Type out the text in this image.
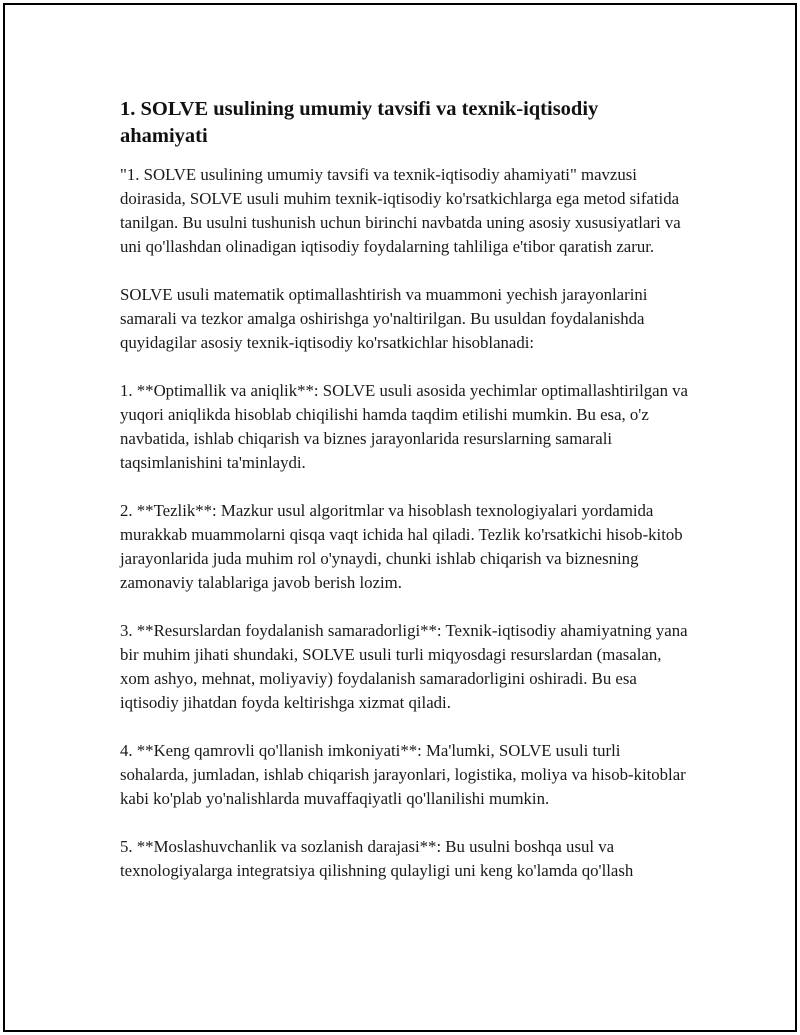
1. SOLVE usulining umumiy tavsifi va texnik-iqtisodiy ahamiyati

"1. SOLVE usulining umumiy tavsifi va texnik-iqtisodiy ahamiyati" mavzusi doirasida, SOLVE usuli muhim texnik-iqtisodiy ko'rsatkichlarga ega metod sifatida tanilgan. Bu usulni tushunish uchun birinchi navbatda uning asosiy xususiyatlari va uni qo'llashdan olinadigan iqtisodiy foydalarning tahliliga e'tibor qaratish zarur.

SOLVE usuli matematik optimallashtirish va muammoni yechish jarayonlarini samarali va tezkor amalga oshirishga yo'naltirilgan. Bu usuldan foydalanishda quyidagilar asosiy texnik-iqtisodiy ko'rsatkichlar hisoblanadi:

1. **Optimallik va aniqlik**: SOLVE usuli asosida yechimlar optimallashtirilgan va yuqori aniqlikda hisoblab chiqilishi hamda taqdim etilishi mumkin. Bu esa, o'z navbatida, ishlab chiqarish va biznes jarayonlarida resurslarning samarali taqsimlanishini ta'minlaydi.

2. **Tezlik**: Mazkur usul algoritmlar va hisoblash texnologiyalari yordamida murakkab muammolarni qisqa vaqt ichida hal qiladi. Tezlik ko'rsatkichi hisob-kitob jarayonlarida juda muhim rol o'ynaydi, chunki ishlab chiqarish va biznesning zamonaviy talablariga javob berish lozim.

3. **Resurslardan foydalanish samaradorligi**: Texnik-iqtisodiy ahamiyatning yana bir muhim jihati shundaki, SOLVE usuli turli miqyosdagi resurslardan (masalan, xom ashyo, mehnat, moliyaviy) foydalanish samaradorligini oshiradi. Bu esa iqtisodiy jihatdan foyda keltirishga xizmat qiladi.

4. **Keng qamrovli qo'llanish imkoniyati**: Ma'lumki, SOLVE usuli turli sohalarda, jumladan, ishlab chiqarish jarayonlari, logistika, moliya va hisob-kitoblar kabi ko'plab yo'nalishlarda muvaffaqiyatli qo'llanilishi mumkin.

5. **Moslashuvchanlik va sozlanish darajasi**: Bu usulni boshqa usul va texnologiyalarga integratsiya qilishning qulayligi uni keng ko'lamda qo'llash
